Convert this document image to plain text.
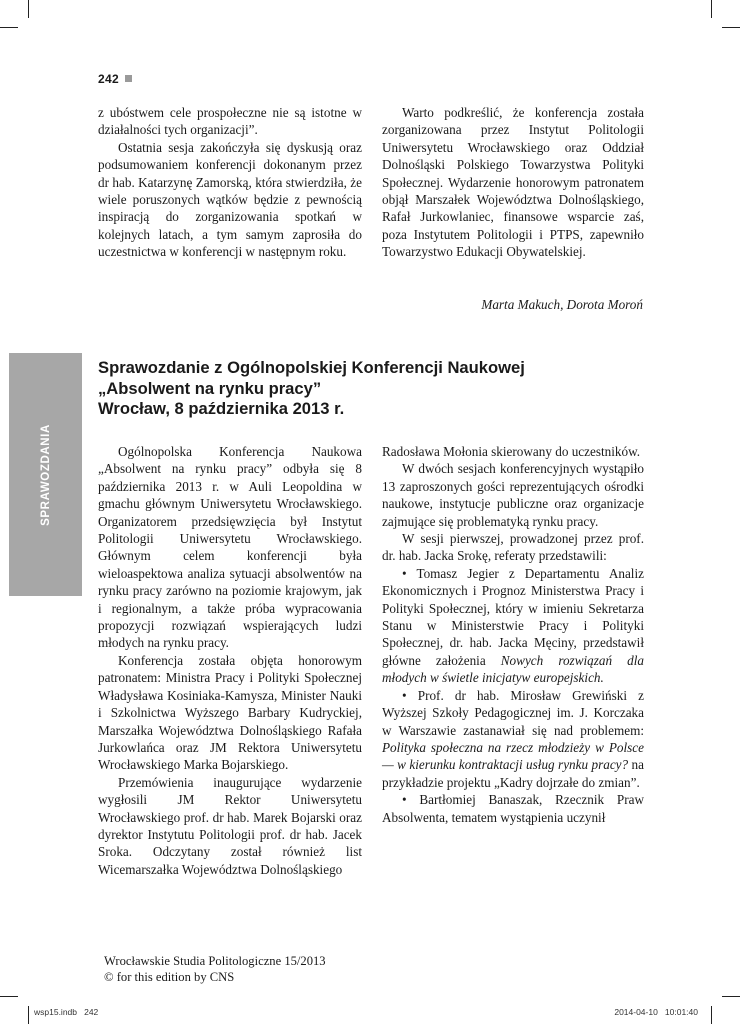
242

z ubóstwem cele prospołeczne nie są istotne w działalności tych organizacji”.

Ostatnia sesja zakończyła się dyskusją oraz podsumowaniem konferencji dokonanym przez dr hab. Katarzynę Zamorską, która stwierdziła, że wiele poruszonych wątków będzie z pewnością inspiracją do zorganizowania spotkań w kolejnych latach, a tym samym zaprosiła do uczestnictwa w konferencji w następnym roku.

Warto podkreślić, że konferencja została zorganizowana przez Instytut Politologii Uniwersytetu Wrocławskiego oraz Oddział Dolnośląski Polskiego Towarzystwa Polityki Społecznej. Wydarzenie honorowym patronatem objął Marszałek Województwa Dolnośląskiego, Rafał Jurkowlaniec, finansowe wsparcie zaś, poza Instytutem Politologii i PTPS, zapewniło Towarzystwo Edukacji Obywatelskiej.

Marta Makuch, Dorota Moroń
SPRAWOZDANIA
Sprawozdanie z Ogólnopolskiej Konferencji Naukowej
„Absolwent na rynku pracy”
Wrocław, 8 października 2013 r.

Ogólnopolska Konferencja Naukowa „Absolwent na rynku pracy” odbyła się 8 października 2013 r. w Auli Leopoldina w gmachu głównym Uniwersytetu Wrocławskiego. Organizatorem przedsięwzięcia był Instytut Politologii Uniwersytetu Wrocławskiego. Głównym celem konferencji była wieloaspektowa analiza sytuacji absolwentów na rynku pracy zarówno na poziomie krajowym, jak i regionalnym, a także próba wypracowania propozycji rozwiązań wspierających ludzi młodych na rynku pracy.

Konferencja została objęta honorowym patronatem: Ministra Pracy i Polityki Społecznej Władysława Kosiniaka-Kamysza, Minister Nauki i Szkolnictwa Wyższego Barbary Kudryckiej, Marszałka Województwa Dolnośląskiego Rafała Jurkowlańca oraz JM Rektora Uniwersytetu Wrocławskiego Marka Bojarskiego.

Przemówienia inaugurujące wydarzenie wygłosili JM Rektor Uniwersytetu Wrocławskiego prof. dr hab. Marek Bojarski oraz dyrektor Instytutu Politologii prof. dr hab. Jacek Sroka. Odczytany został również list Wicemarszałka Województwa Dolnośląskiego

Radosława Mołonia skierowany do uczestników.

W dwóch sesjach konferencyjnych wystąpiło 13 zaproszonych gości reprezentujących ośrodki naukowe, instytucje publiczne oraz organizacje zajmujące się problematyką rynku pracy.

W sesji pierwszej, prowadzonej przez prof. dr. hab. Jacka Srokę, referaty przedstawili:

• Tomasz Jegier z Departamentu Analiz Ekonomicznych i Prognoz Ministerstwa Pracy i Polityki Społecznej, który w imieniu Sekretarza Stanu w Ministerstwie Pracy i Polityki Społecznej, dr. hab. Jacka Męciny, przedstawił główne założenia Nowych rozwiązań dla młodych w świetle inicjatyw europejskich.

• Prof. dr hab. Mirosław Grewiński z Wyższej Szkoły Pedagogicznej im. J. Korczaka w Warszawie zastanawiał się nad problemem: Polityka społeczna na rzecz młodzieży w Polsce — w kierunku kontraktacji usług rynku pracy? na przykładzie projektu „Kadry dojrzałe do zmian”.

• Bartłomiej Banaszak, Rzecznik Praw Absolwenta, tematem wystąpienia uczynił

Wrocławskie Studia Politologiczne 15/2013
© for this edition by CNS
wsp15.indb   242	2014-04-10   10:01:40
